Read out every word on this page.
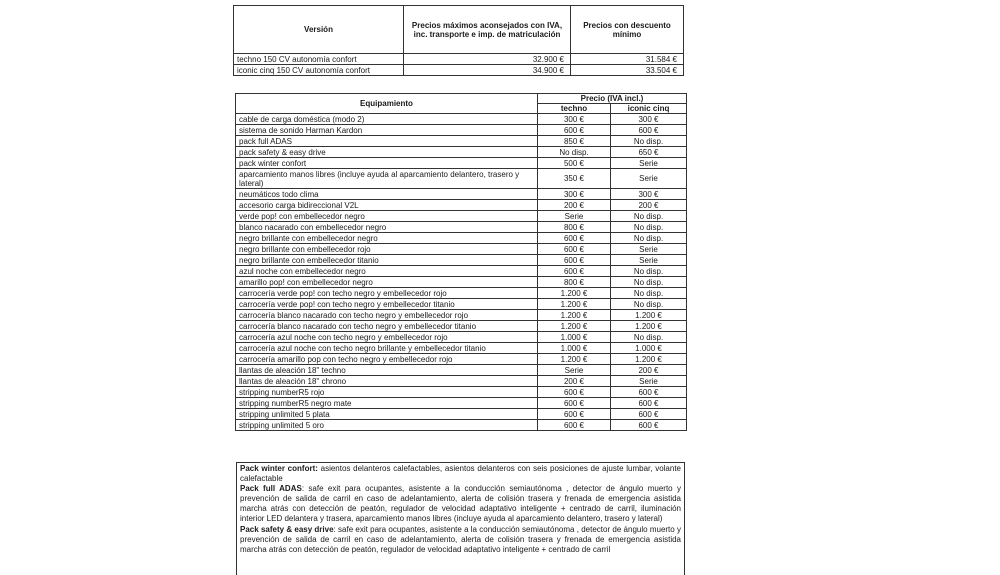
Versión	Precios máximos aconsejados con IVA, inc. transporte e imp. de matriculación	Precios con descuento mínimo
techno 150 CV autonomía confort	32.900 €	31.584 €
iconic cinq 150 CV autonomía confort	34.900 €	33.504 €
Equipamiento	Precio (IVA incl.)	
	techno	iconic cinq
cable de carga doméstica (modo 2)	300 €	300 €
sistema de sonido Harman Kardon	600 €	600 €
pack full ADAS	850 €	No disp.
pack safety & easy drive	No disp.	650 €
pack winter confort	500 €	Serie
aparcamiento manos libres (incluye ayuda al aparcamiento delantero, trasero y lateral)	350 €	Serie
neumáticos todo clima	300 €	300 €
accesorio carga bidireccional V2L	200 €	200 €
verde pop! con embellecedor negro	Serie	No disp.
blanco nacarado con embellecedor negro	800 €	No disp.
negro brillante con embellecedor negro	600 €	No disp.
negro brillante con embellecedor rojo	600 €	Serie
negro brillante con embellecedor titanio	600 €	Serie
azul noche con embellecedor negro	600 €	No disp.
amarillo pop! con embellecedor negro	800 €	No disp.
carrocería verde pop! con techo negro y embellecedor rojo	1.200 €	No disp.
carrocería verde pop! con techo negro y embellecedor titanio	1.200 €	No disp.
carrocería blanco nacarado con techo negro y embellecedor rojo	1.200 €	1.200 €
carrocería blanco nacarado con techo negro y embellecedor titanio	1.200 €	1.200 €
carrocería azul noche con techo negro y embellecedor rojo	1.000 €	No disp.
carrocería azul noche con techo negro brillante y embellecedor titanio	1.000 €	1.000 €
carrocería amarillo pop con techo negro y embellecedor rojo	1.200 €	1.200 €
llantas de aleación 18'' techno	Serie	200 €
llantas de aleación 18'' chrono	200 €	Serie
stripping numberR5 rojo	600 €	600 €
stripping numberR5 negro mate	600 €	600 €
stripping unlimited 5 plata	600 €	600 €
stripping unlimited 5 oro	600 €	600 €

Pack winter confort: asientos delanteros calefactables, asientos delanteros con seis posiciones de ajuste lumbar, volante calefactable

Pack full ADAS: safe exit para ocupantes, asistente a la conducción semiautónoma , detector de ángulo muerto y prevención de salida de carril en caso de adelantamiento, alerta de colisión trasera y frenada de emergencia asistida marcha atrás con detección de peatón, regulador de velocidad adaptativo inteligente + centrado de carril, iluminación interior LED delantera y trasera, aparcamiento manos libres (incluye ayuda al aparcamiento delantero, trasero y lateral)

Pack safety & easy drive: safe exit para ocupantes, asistente a la conducción semiautónoma , detector de ángulo muerto y prevención de salida de carril en caso de adelantamiento, alerta de colisión trasera y frenada de emergencia asistida marcha atrás con detección de peatón, regulador de velocidad adaptativo inteligente + centrado de carril
